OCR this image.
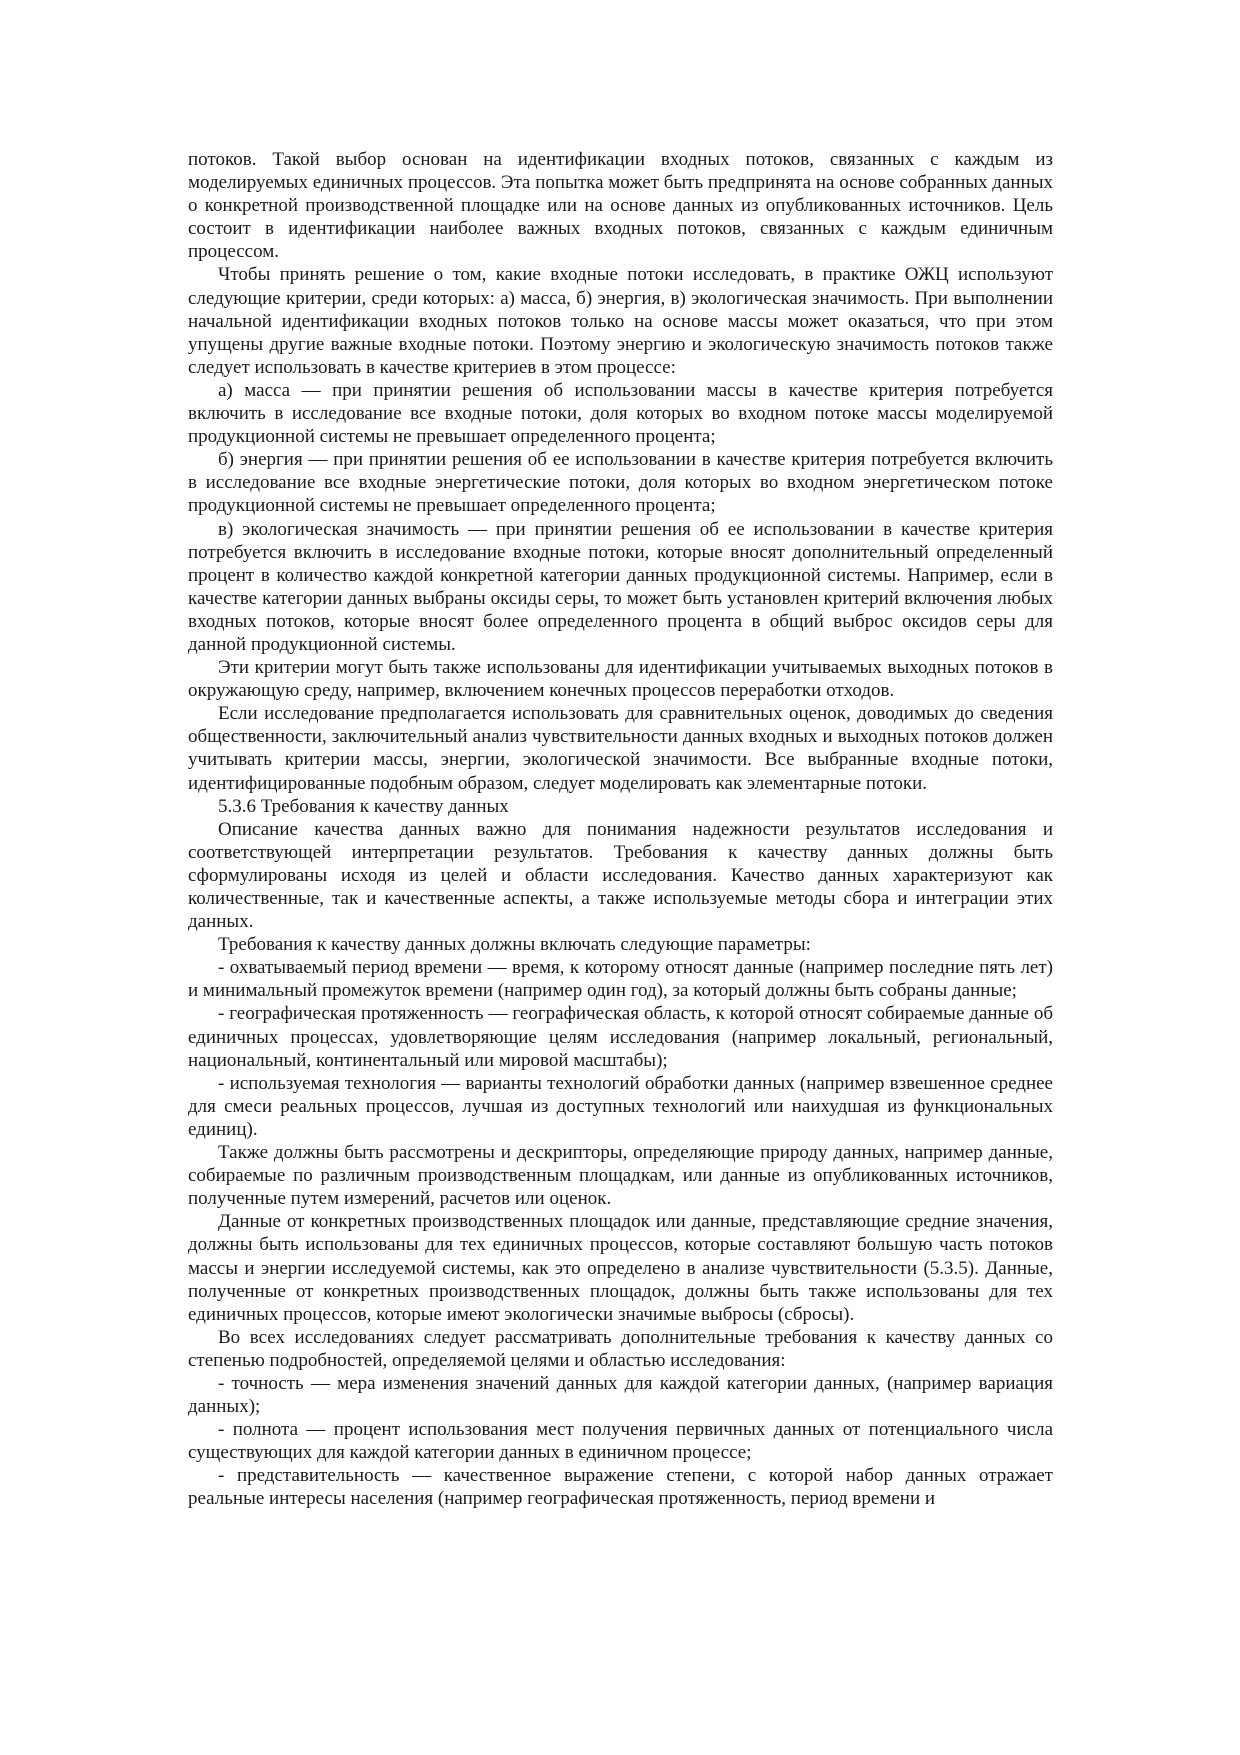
потоков. Такой выбор основан на идентификации входных потоков, связанных с каждым из моделируемых единичных процессов. Эта попытка может быть предпринята на основе собранных данных о конкретной производственной площадке или на основе данных из опубликованных источников. Цель состоит в идентификации наиболее важных входных потоков, связанных с каждым единичным процессом.

Чтобы принять решение о том, какие входные потоки исследовать, в практике ОЖЦ используют следующие критерии, среди которых: а) масса, б) энергия, в) экологическая значимость. При выполнении начальной идентификации входных потоков только на основе массы может оказаться, что при этом упущены другие важные входные потоки. Поэтому энергию и экологическую значимость потоков также следует использовать в качестве критериев в этом процессе:

а) масса — при принятии решения об использовании массы в качестве критерия потребуется включить в исследование все входные потоки, доля которых во входном потоке массы моделируемой продукционной системы не превышает определенного процента;

б) энергия — при принятии решения об ее использовании в качестве критерия потребуется включить в исследование все входные энергетические потоки, доля которых во входном энергетическом потоке продукционной системы не превышает определенного процента;

в) экологическая значимость — при принятии решения об ее использовании в качестве критерия потребуется включить в исследование входные потоки, которые вносят дополнительный определенный процент в количество каждой конкретной категории данных продукционной системы. Например, если в качестве категории данных выбраны оксиды серы, то может быть установлен критерий включения любых входных потоков, которые вносят более определенного процента в общий выброс оксидов серы для данной продукционной системы.

Эти критерии могут быть также использованы для идентификации учитываемых выходных потоков в окружающую среду, например, включением конечных процессов переработки отходов.

Если исследование предполагается использовать для сравнительных оценок, доводимых до сведения общественности, заключительный анализ чувствительности данных входных и выходных потоков должен учитывать критерии массы, энергии, экологической значимости. Все выбранные входные потоки, идентифицированные подобным образом, следует моделировать как элементарные потоки.

5.3.6 Требования к качеству данных

Описание качества данных важно для понимания надежности результатов исследования и соответствующей интерпретации результатов. Требования к качеству данных должны быть сформулированы исходя из целей и области исследования. Качество данных характеризуют как количественные, так и качественные аспекты, а также используемые методы сбора и интеграции этих данных.

Требования к качеству данных должны включать следующие параметры:

- охватываемый период времени — время, к которому относят данные (например последние пять лет) и минимальный промежуток времени (например один год), за который должны быть собраны данные;

- географическая протяженность — географическая область, к которой относят собираемые данные об единичных процессах, удовлетворяющие целям исследования (например локальный, региональный, национальный, континентальный или мировой масштабы);

- используемая технология — варианты технологий обработки данных (например взвешенное среднее для смеси реальных процессов, лучшая из доступных технологий или наихудшая из функциональных единиц).

Также должны быть рассмотрены и дескрипторы, определяющие природу данных, например данные, собираемые по различным производственным площадкам, или данные из опубликованных источников, полученные путем измерений, расчетов или оценок.

Данные от конкретных производственных площадок или данные, представляющие средние значения, должны быть использованы для тех единичных процессов, которые составляют большую часть потоков массы и энергии исследуемой системы, как это определено в анализе чувствительности (5.3.5). Данные, полученные от конкретных производственных площадок, должны быть также использованы для тех единичных процессов, которые имеют экологически значимые выбросы (сбросы).

Во всех исследованиях следует рассматривать дополнительные требования к качеству данных со степенью подробностей, определяемой целями и областью исследования:

- точность — мера изменения значений данных для каждой категории данных, (например вариация данных);

- полнота — процент использования мест получения первичных данных от потенциального числа существующих для каждой категории данных в единичном процессе;

- представительность — качественное выражение степени, с которой набор данных отражает реальные интересы населения (например географическая протяженность, период времени и
